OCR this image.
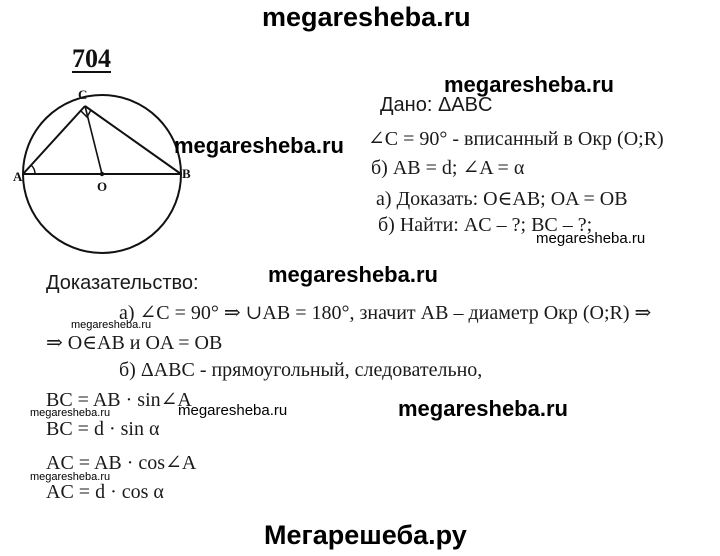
megaresheba.ru
704
A	B
C
O
megaresheba.ru
megaresheba.ru
Дано: ΔABC
∠C = 90° - вписанный в Окр (O;R)
б) AB = d; ∠A = α
а) Доказать: O∈AB; OA = OB
б) Найти: AC – ?; BC – ?;
megaresheba.ru
Доказательство:	megaresheba.ru
а) ∠C = 90° ⇒ ∪AB = 180°, значит AB – диаметр Окр (O;R) ⇒
megaresheba.ru
⇒ O∈AB и OA = OB
б) ΔABC - прямоугольный, следовательно,
BC = AB · sin∠A
megaresheba.ru	megaresheba.ru	megaresheba.ru
BC = d · sin α
AC = AB · cos∠A
megaresheba.ru
AC = d · cos α
Мегарешеба.ру
